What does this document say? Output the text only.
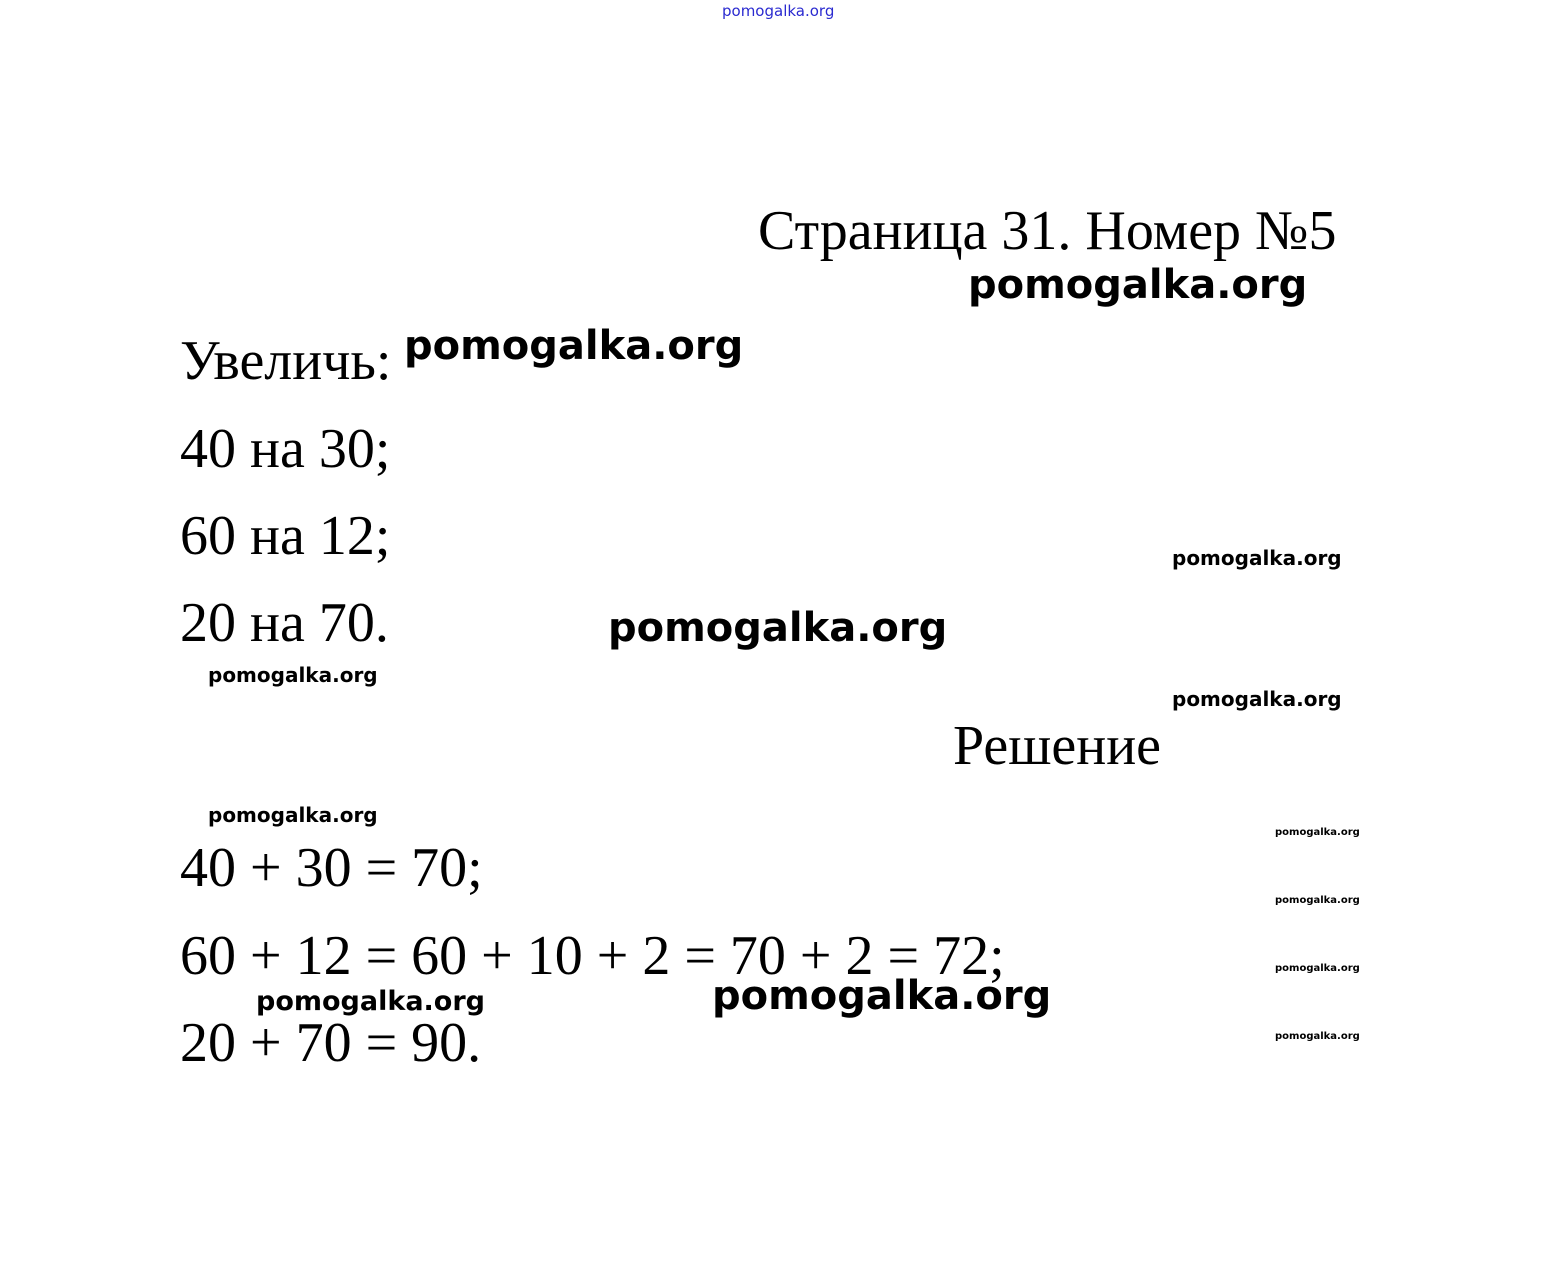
pomogalka.org
Страница 31. Номер №5
Увеличь:
40 на 30;
60 на 12;
20 на 70.
Решение
40 + 30 = 70;
60 + 12 = 60 + 10 + 2 = 70 + 2 = 72;
20 + 70 = 90.
pomogalka.org
pomogalka.org
pomogalka.org
pomogalka.org
pomogalka.org
pomogalka.org
pomogalka.org
pomogalka.org
pomogalka.org
pomogalka.org
pomogalka.org
pomogalka.org
pomogalka.org
